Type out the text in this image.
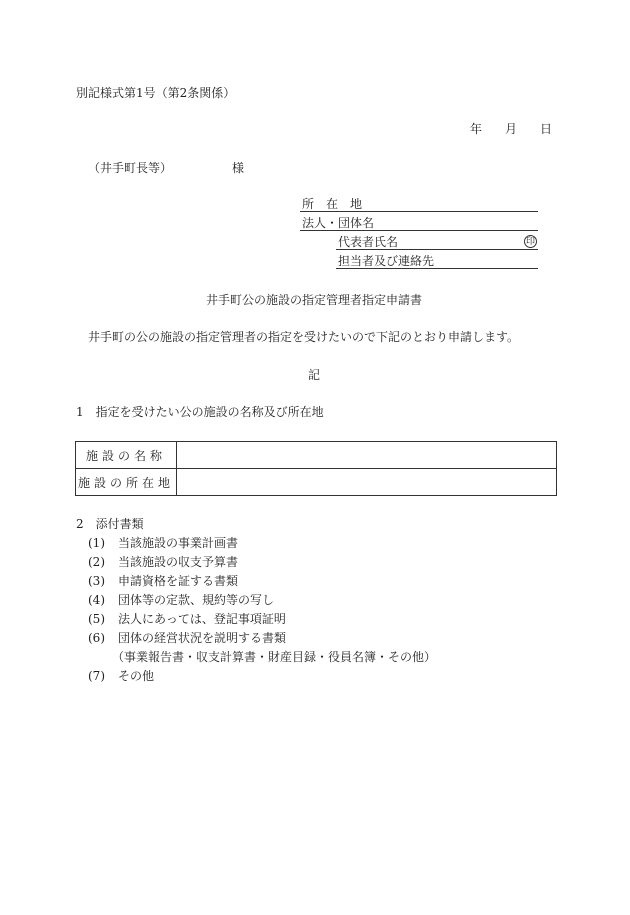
別記様式第1号（第2条関係）
年 月 日
（井手町長等）	様
所　在　地
法人・団体名
代表者氏名	印
担当者及び連絡先
井手町公の施設の指定管理者指定申請書
井手町の公の施設の指定管理者の指定を受けたいので下記のとおり申請します。
記
1　指定を受けたい公の施設の名称及び所在地
施設の名称	
施設の所在地	
2　添付書類
(1) 当該施設の事業計画書
(2) 当該施設の収支予算書
(3) 申請資格を証する書類
(4) 団体等の定款、規約等の写し
(5) 法人にあっては、登記事項証明
(6) 団体の経営状況を説明する書類
（事業報告書・収支計算書・財産目録・役員名簿・その他）
(7) その他
